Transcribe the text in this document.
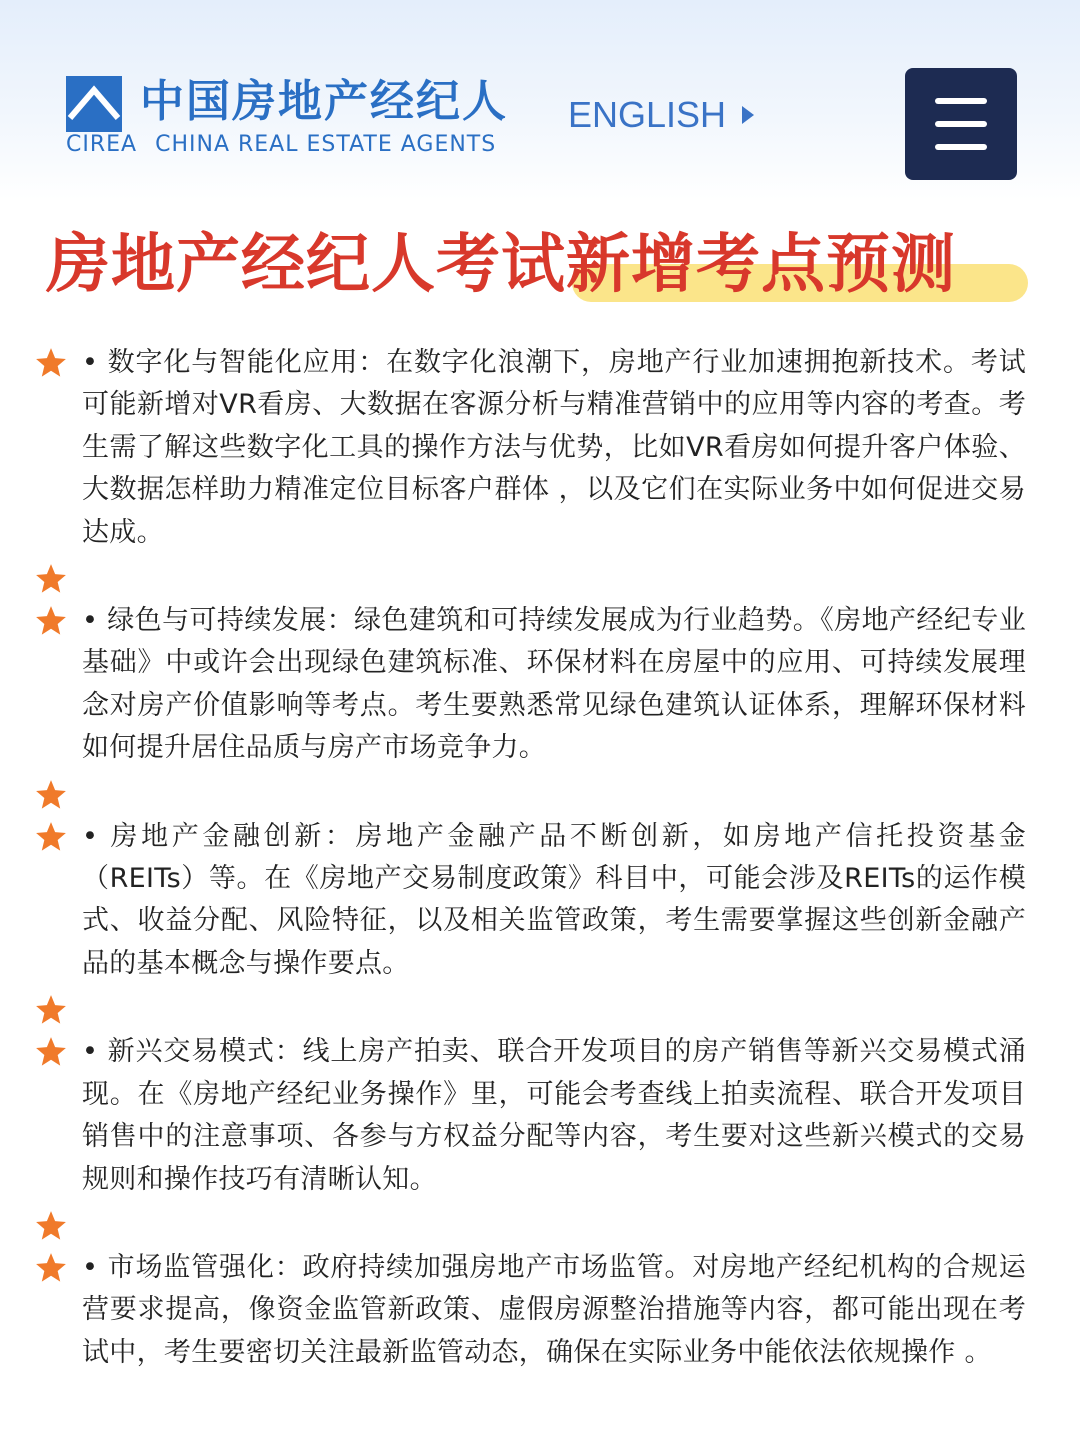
中国房地产经纪人
CIREA CHINA REAL ESTATE AGENTS
ENGLISH
房地产经纪人考试新增考点预测
• 数字化与智能化应用：在数字化浪潮下，房地产行业加速拥抱新技术。考试可能新增对VR看房、大数据在客源分析与精准营销中的应用等内容的考查。考生需了解这些数字化工具的操作方法与优势，比如VR看房如何提升客户体验、大数据怎样助力精准定位目标客户群体 ，以及它们在实际业务中如何促进交易达成。
• 绿色与可持续发展：绿色建筑和可持续发展成为行业趋势。《房地产经纪专业基础》中或许会出现绿色建筑标准、环保材料在房屋中的应用、可持续发展理念对房产价值影响等考点。考生要熟悉常见绿色建筑认证体系，理解环保材料如何提升居住品质与房产市场竞争力。
• 房地产金融创新：房地产金融产品不断创新，如房地产信托投资基金（REITs）等。在《房地产交易制度政策》科目中，可能会涉及REITs的运作模式、收益分配、风险特征，以及相关监管政策，考生需要掌握这些创新金融产品的基本概念与操作要点。
• 新兴交易模式：线上房产拍卖、联合开发项目的房产销售等新兴交易模式涌现。在《房地产经纪业务操作》里，可能会考查线上拍卖流程、联合开发项目销售中的注意事项、各参与方权益分配等内容，考生要对这些新兴模式的交易规则和操作技巧有清晰认知。
• 市场监管强化：政府持续加强房地产市场监管。对房地产经纪机构的合规运营要求提高，像资金监管新政策、虚假房源整治措施等内容，都可能出现在考试中，考生要密切关注最新监管动态，确保在实际业务中能依法依规操作 。
